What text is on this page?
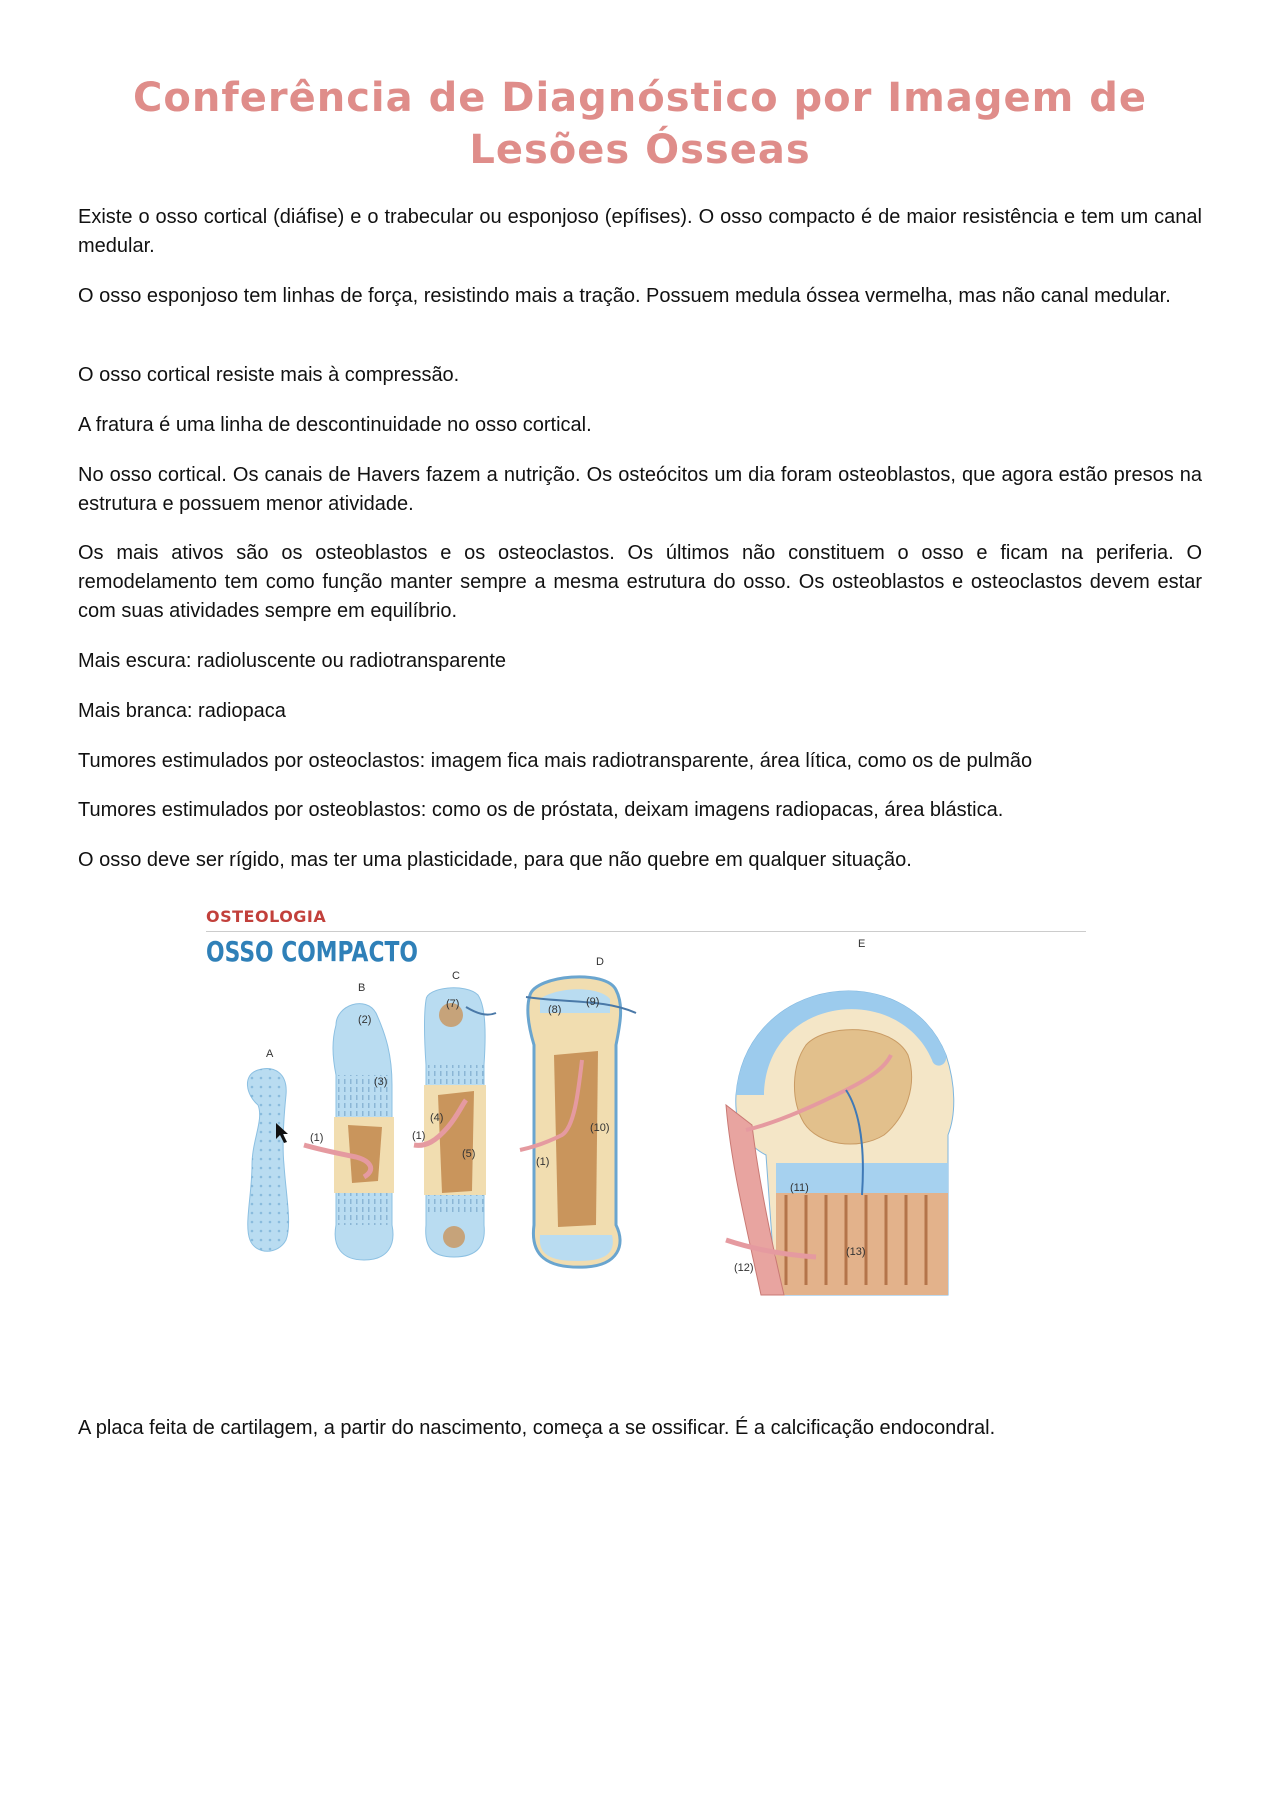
Conferência de Diagnóstico por Imagem de Lesões Ósseas

Existe o osso cortical (diáfise) e o trabecular ou esponjoso (epífises). O osso compacto é de maior resistência e tem um canal medular.

O osso esponjoso tem linhas de força, resistindo mais a tração. Possuem medula óssea vermelha, mas não canal medular.

O osso cortical resiste mais à compressão.

A fratura é uma linha de descontinuidade no osso cortical.

No osso cortical. Os canais de Havers fazem a nutrição. Os osteócitos um dia foram osteoblastos, que agora estão presos na estrutura e possuem menor atividade.

Os mais ativos são os osteoblastos e os osteoclastos. Os últimos não constituem o osso e ficam na periferia. O remodelamento tem como função manter sempre a mesma estrutura do osso. Os osteoblastos e osteoclastos devem estar com suas atividades sempre em equilíbrio.

Mais escura: radioluscente ou radiotransparente

Mais branca: radiopaca

Tumores estimulados por osteoclastos: imagem fica mais radiotransparente, área lítica, como os de pulmão

Tumores estimulados por osteoblastos: como os de próstata, deixam imagens radiopacas, área blástica.

O osso deve ser rígido, mas ter uma plasticidade, para que não quebre em qualquer situação.

OSTEOLOGIA
OSSO COMPACTO
A
B
C
D
E
(1)
(2)
(3)
(1)
(4)
(5)
(7)	(8)
(9)
(10)
(1)
(11)
(12)
(13)

A placa feita de cartilagem, a partir do nascimento, começa a se ossificar. É a calcificação endocondral.
